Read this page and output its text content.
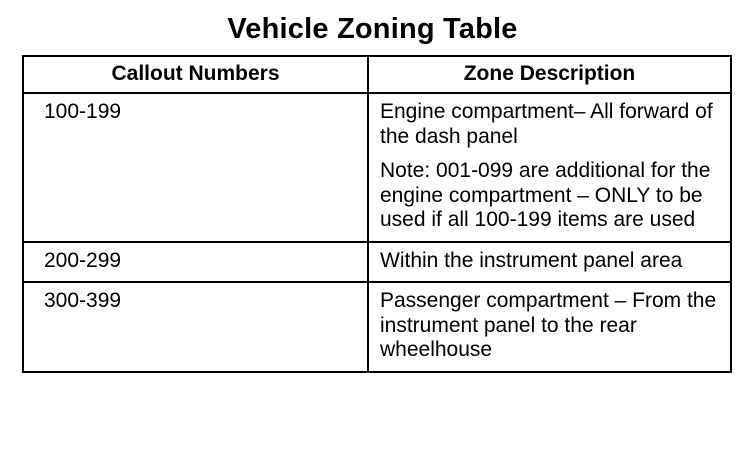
Vehicle Zoning Table
Callout Numbers	Zone Description
100-199	Engine compartment– All forward of the dash panel
Note: 001-099 are additional for the engine compartment – ONLY to be used if all 100-199 items are used

200-299	Within the instrument panel area

300-399	Passenger compartment – From the instrument panel to the rear wheelhouse
